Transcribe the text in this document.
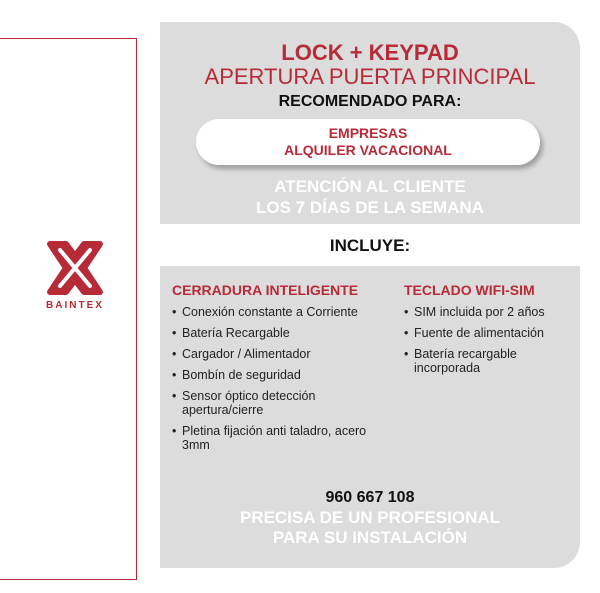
BAINTEX
LOCK + KEYPAD
APERTURA PUERTA PRINCIPAL
RECOMENDADO PARA:
EMPRESAS
ALQUILER VACACIONAL
ATENCIÓN AL CLIENTE
LOS 7 DÍAS DE LA SEMANA
INCLUYE:
CERRADURA INTELIGENTE
• Conexión constante a Corriente
• Batería Recargable
• Cargador / Alimentador
• Bombín de seguridad
• Sensor óptico detección apertura/cierre
• Pletina fijación anti taladro, acero 3mm
TECLADO WIFI-SIM
• SIM incluida por 2 años
• Fuente de alimentación
• Batería recargable incorporada
960 667 108
PRECISA DE UN PROFESIONAL
PARA SU INSTALACIÓN
